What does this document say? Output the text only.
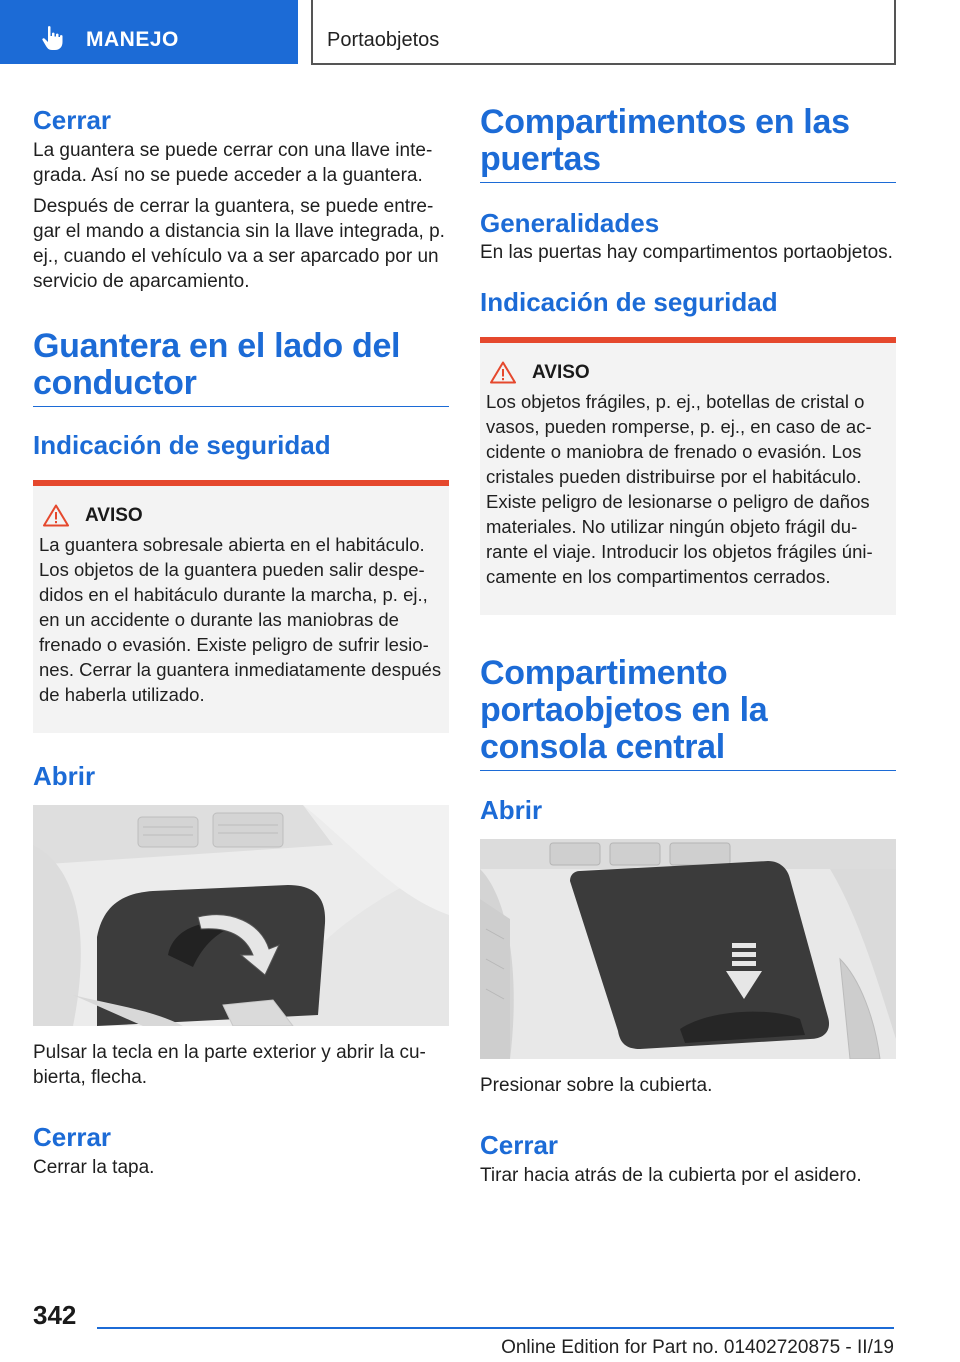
MANEJO	Portaobjetos
Cerrar

La guantera se puede cerrar con una llave integrada. Así no se puede acceder a la guantera.

Después de cerrar la guantera, se puede entregar el mando a distancia sin la llave integrada, p. ej., cuando el vehículo va a ser aparcado por un servicio de aparcamiento.

Guantera en el lado del conductor
Indicación de seguridad
AVISO

La guantera sobresale abierta en el habitáculo. Los objetos de la guantera pueden salir despedidos en el habitáculo durante la marcha, p. ej., en un accidente o durante las maniobras de frenado o evasión. Existe peligro de sufrir lesiones. Cerrar la guantera inmediatamente después de haberla utilizado.

Abrir

Pulsar la tecla en la parte exterior y abrir la cubierta, flecha.

Cerrar

Cerrar la tapa.

Compartimentos en las puertas
Generalidades

En las puertas hay compartimentos portaobjetos.

Indicación de seguridad
AVISO

Los objetos frágiles, p. ej., botellas de cristal o vasos, pueden romperse, p. ej., en caso de accidente o maniobra de frenado o evasión. Los cristales pueden distribuirse por el habitáculo. Existe peligro de lesionarse o peligro de daños materiales. No utilizar ningún objeto frágil durante el viaje. Introducir los objetos frágiles únicamente en los compartimentos cerrados.

Compartimento portaobjetos en la consola central
Abrir

Presionar sobre la cubierta.

Cerrar

Tirar hacia atrás de la cubierta por el asidero.

342
Online Edition for Part no. 01402720875 - II/19
